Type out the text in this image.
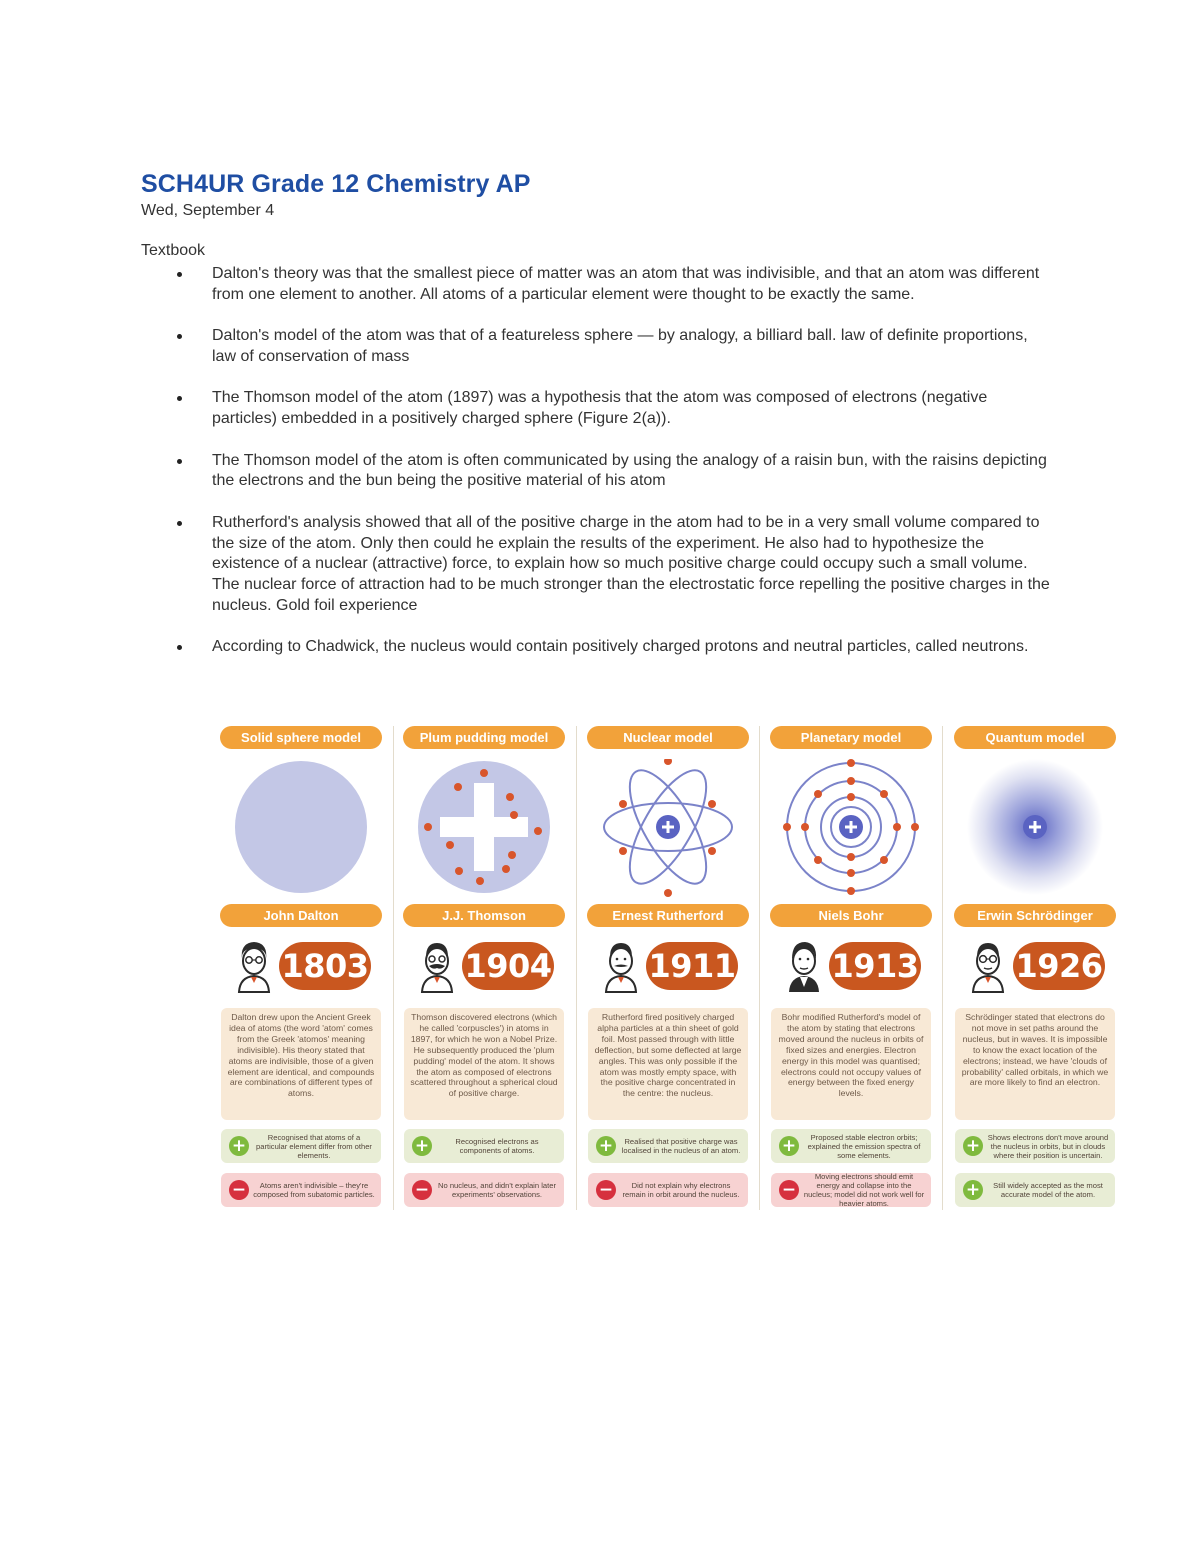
SCH4UR Grade 12 Chemistry AP
Wed, September 4
Textbook
Dalton's theory was that the smallest piece of matter was an atom that was indivisible, and that an atom was different from one element to another. All atoms of a particular element were thought to be exactly the same.
Dalton's model of the atom was that of a featureless sphere — by analogy, a billiard ball. law of definite proportions, law of conservation of mass
The Thomson model of the atom (1897) was a hypothesis that the atom was composed of electrons (negative particles) embedded in a positively charged sphere (Figure 2(a)).
The Thomson model of the atom is often communicated by using the analogy of a raisin bun, with the raisins depicting the electrons and the bun being the positive material of his atom
Rutherford's analysis showed that all of the positive charge in the atom had to be in a very small volume compared to the size of the atom. Only then could he explain the results of the experiment. He also had to hypothesize the existence of a nuclear (attractive) force, to explain how so much positive charge could occupy such a small volume. The nuclear force of attraction had to be much stronger than the electrostatic force repelling the positive charges in the nucleus. Gold foil experience
According to Chadwick, the nucleus would contain positively charged protons and neutral particles, called neutrons.
Solid sphere model
John Dalton
1803
Dalton drew upon the Ancient Greek idea of atoms (the word 'atom' comes from the Greek 'atomos' meaning indivisible). His theory stated that atoms are indivisible, those of a given element are identical, and compounds are combinations of different types of atoms.
+	Recognised that atoms of a particular element differ from other elements.
−	Atoms aren't indivisible – they're composed from subatomic particles.
Plum pudding model
J.J. Thomson
1904
Thomson discovered electrons (which he called 'corpuscles') in atoms in 1897, for which he won a Nobel Prize. He subsequently produced the 'plum pudding' model of the atom. It shows the atom as composed of electrons scattered throughout a spherical cloud of positive charge.
+	Recognised electrons as components of atoms.
−	No nucleus, and didn't explain later experiments' observations.
Nuclear model
Ernest Rutherford
1911
Rutherford fired positively charged alpha particles at a thin sheet of gold foil. Most passed through with little deflection, but some deflected at large angles. This was only possible if the atom was mostly empty space, with the positive charge concentrated in the centre: the nucleus.
+	Realised that positive charge was localised in the nucleus of an atom.
−	Did not explain why electrons remain in orbit around the nucleus.
Planetary model
Niels Bohr
1913
Bohr modified Rutherford's model of the atom by stating that electrons moved around the nucleus in orbits of fixed sizes and energies. Electron energy in this model was quantised; electrons could not occupy values of energy between the fixed energy levels.
+	Proposed stable electron orbits; explained the emission spectra of some elements.
−
Moving electrons should emit energy and collapse into the nucleus; model did not work well for heavier atoms.
Quantum model
Erwin Schrödinger
1926
Schrödinger stated that electrons do not move in set paths around the nucleus, but in waves. It is impossible to know the exact location of the electrons; instead, we have 'clouds of probability' called orbitals, in which we are more likely to find an electron.
+	Shows electrons don't move around the nucleus in orbits, but in clouds where their position is uncertain.
+	Still widely accepted as the most accurate model of the atom.
